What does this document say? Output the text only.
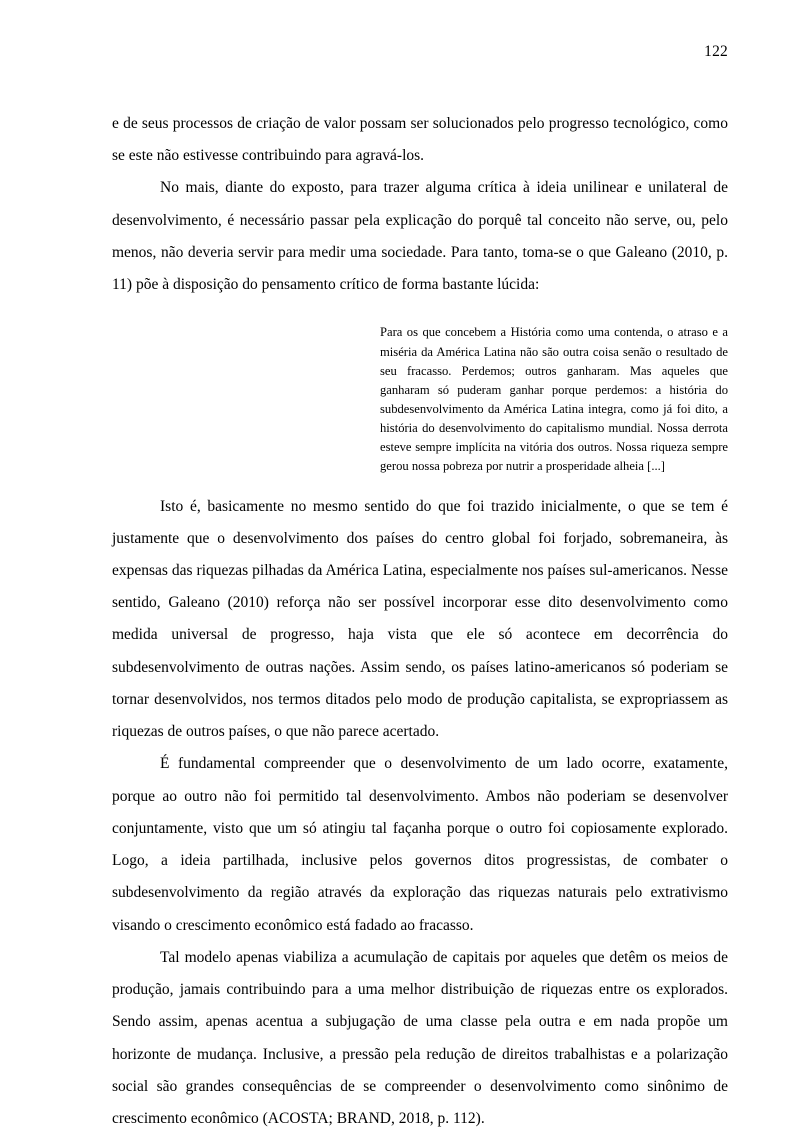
122

e de seus processos de criação de valor possam ser solucionados pelo progresso tecnológico, como se este não estivesse contribuindo para agravá-los.

No mais, diante do exposto, para trazer alguma crítica à ideia unilinear e unilateral de desenvolvimento, é necessário passar pela explicação do porquê tal conceito não serve, ou, pelo menos, não deveria servir para medir uma sociedade. Para tanto, toma-se o que Galeano (2010, p. 11) põe à disposição do pensamento crítico de forma bastante lúcida:

Para os que concebem a História como uma contenda, o atraso e a miséria da América Latina não são outra coisa senão o resultado de seu fracasso. Perdemos; outros ganharam. Mas aqueles que ganharam só puderam ganhar porque perdemos: a história do subdesenvolvimento da América Latina integra, como já foi dito, a história do desenvolvimento do capitalismo mundial. Nossa derrota esteve sempre implícita na vitória dos outros. Nossa riqueza sempre gerou nossa pobreza por nutrir a prosperidade alheia [...]

Isto é, basicamente no mesmo sentido do que foi trazido inicialmente, o que se tem é justamente que o desenvolvimento dos países do centro global foi forjado, sobremaneira, às expensas das riquezas pilhadas da América Latina, especialmente nos países sul-americanos. Nesse sentido, Galeano (2010) reforça não ser possível incorporar esse dito desenvolvimento como medida universal de progresso, haja vista que ele só acontece em decorrência do subdesenvolvimento de outras nações. Assim sendo, os países latino-americanos só poderiam se tornar desenvolvidos, nos termos ditados pelo modo de produção capitalista, se expropriassem as riquezas de outros países, o que não parece acertado.

É fundamental compreender que o desenvolvimento de um lado ocorre, exatamente, porque ao outro não foi permitido tal desenvolvimento. Ambos não poderiam se desenvolver conjuntamente, visto que um só atingiu tal façanha porque o outro foi copiosamente explorado. Logo, a ideia partilhada, inclusive pelos governos ditos progressistas, de combater o subdesenvolvimento da região através da exploração das riquezas naturais pelo extrativismo visando o crescimento econômico está fadado ao fracasso.

Tal modelo apenas viabiliza a acumulação de capitais por aqueles que detêm os meios de produção, jamais contribuindo para a uma melhor distribuição de riquezas entre os explorados. Sendo assim, apenas acentua a subjugação de uma classe pela outra e em nada propõe um horizonte de mudança. Inclusive, a pressão pela redução de direitos trabalhistas e a polarização social são grandes consequências de se compreender o desenvolvimento como sinônimo de crescimento econômico (ACOSTA; BRAND, 2018, p. 112).
